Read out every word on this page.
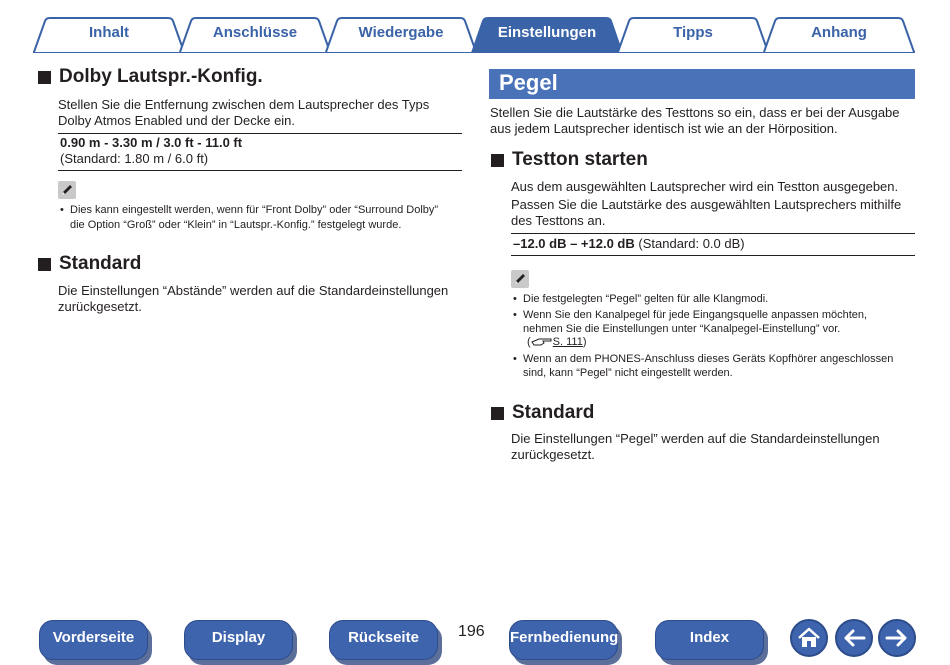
Inhalt	Anschlüsse	Wiedergabe	Einstellungen	Tipps	Anhang
Dolby Lautspr.-Konfig.
Stellen Sie die Entfernung zwischen dem Lautsprecher des Typs
Dolby Atmos Enabled und der Decke ein.
0.90 m - 3.30 m / 3.0 ft - 11.0 ft
(Standard: 1.80 m / 6.0 ft)
• Dies kann eingestellt werden, wenn für “Front Dolby” oder “Surround Dolby”
die Option “Groß” oder “Klein” in “Lautspr.-Konfig.” festgelegt wurde.
Standard
Die Einstellungen “Abstände” werden auf die Standardeinstellungen
zurückgesetzt.
Pegel
Stellen Sie die Lautstärke des Testtons so ein, dass er bei der Ausgabe
aus jedem Lautsprecher identisch ist wie an der Hörposition.
Testton starten
Aus dem ausgewählten Lautsprecher wird ein Testton ausgegeben.
Passen Sie die Lautstärke des ausgewählten Lautsprechers mithilfe
des Testtons an.
–12.0 dB – +12.0 dB (Standard: 0.0 dB)
• Die festgelegten “Pegel” gelten für alle Klangmodi.
• Wenn Sie den Kanalpegel für jede Eingangsquelle anpassen möchten,
nehmen Sie die Einstellungen unter “Kanalpegel-Einstellung” vor.
( S. 111)
• Wenn an dem PHONES-Anschluss dieses Geräts Kopfhörer angeschlossen
sind, kann “Pegel” nicht eingestellt werden.
Standard
Die Einstellungen “Pegel” werden auf die Standardeinstellungen
zurückgesetzt.
Vorderseite	Display	Rückseite	196 Fernbedienung	Index
